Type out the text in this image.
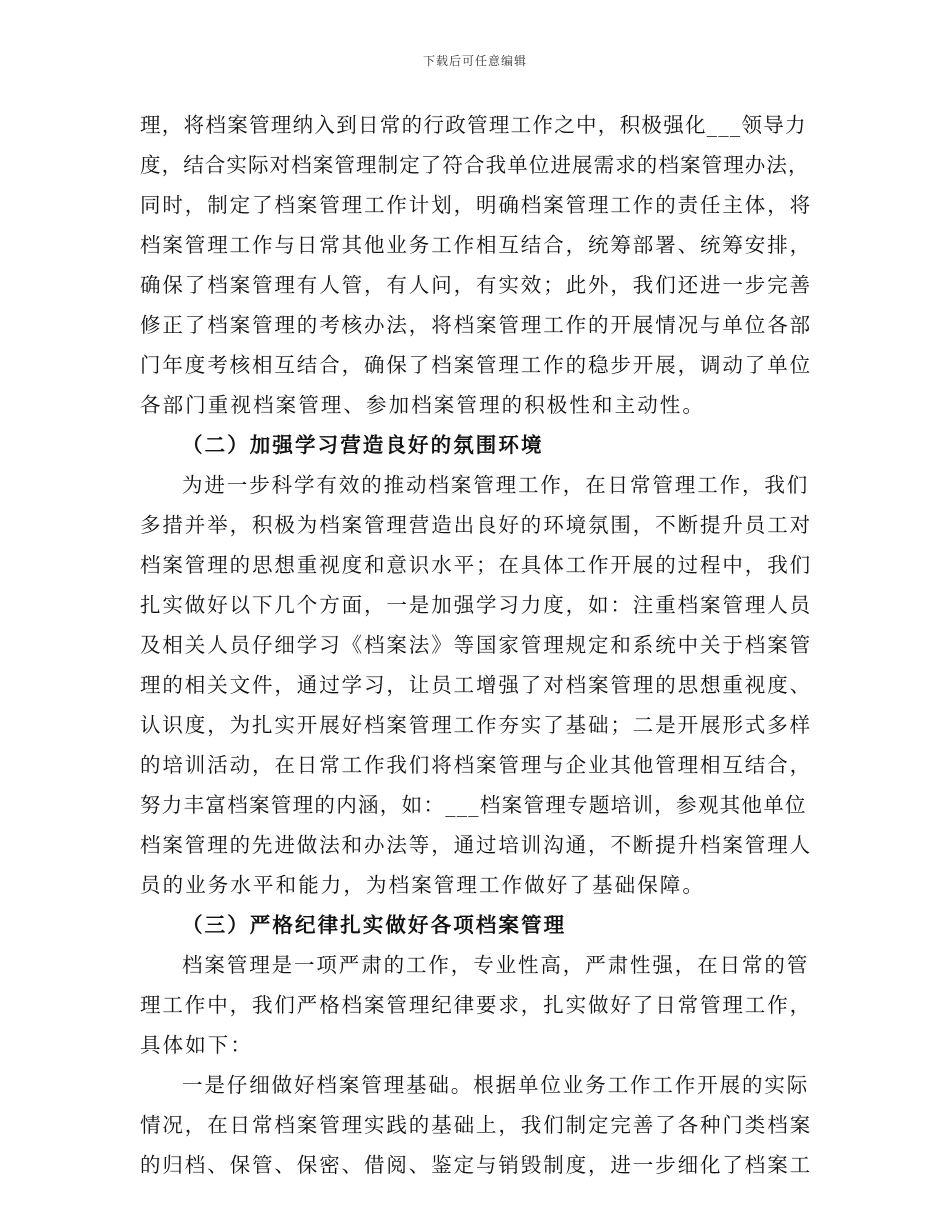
下载后可任意编辑
理，将档案管理纳入到日常的行政管理工作之中，积极强化___领导力
度，结合实际对档案管理制定了符合我单位进展需求的档案管理办法，
同时，制定了档案管理工作计划，明确档案管理工作的责任主体，将
档案管理工作与日常其他业务工作相互结合，统筹部署、统筹安排，
确保了档案管理有人管，有人问，有实效；此外，我们还进一步完善
修正了档案管理的考核办法，将档案管理工作的开展情况与单位各部
门年度考核相互结合，确保了档案管理工作的稳步开展，调动了单位
各部门重视档案管理、参加档案管理的积极性和主动性。
（二）加强学习营造良好的氛围环境
为进一步科学有效的推动档案管理工作，在日常管理工作，我们
多措并举，积极为档案管理营造出良好的环境氛围，不断提升员工对
档案管理的思想重视度和意识水平；在具体工作开展的过程中，我们
扎实做好以下几个方面，一是加强学习力度，如：注重档案管理人员
及相关人员仔细学习《档案法》等国家管理规定和系统中关于档案管
理的相关文件，通过学习，让员工增强了对档案管理的思想重视度、
认识度，为扎实开展好档案管理工作夯实了基础；二是开展形式多样
的培训活动，在日常工作我们将档案管理与企业其他管理相互结合，
努力丰富档案管理的内涵，如：___档案管理专题培训，参观其他单位
档案管理的先进做法和办法等，通过培训沟通，不断提升档案管理人
员的业务水平和能力，为档案管理工作做好了基础保障。
（三）严格纪律扎实做好各项档案管理
档案管理是一项严肃的工作，专业性高，严肃性强，在日常的管
理工作中，我们严格档案管理纪律要求，扎实做好了日常管理工作，
具体如下：
一是仔细做好档案管理基础。根据单位业务工作工作开展的实际
情况，在日常档案管理实践的基础上，我们制定完善了各种门类档案
的归档、保管、保密、借阅、鉴定与销毁制度，进一步细化了档案工
